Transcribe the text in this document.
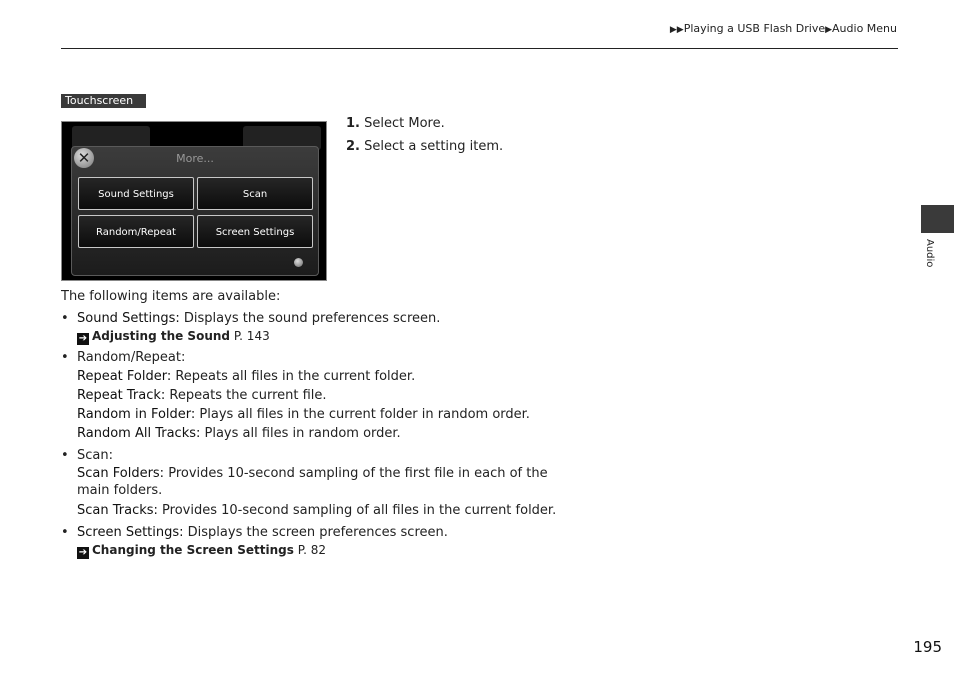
▶▶Playing a USB Flash Drive▶Audio Menu
Touchscreen
✕	More...
Sound Settings	Scan
Random/Repeat	Screen Settings
1. Select More.
2. Select a setting item.

The following items are available:

• Sound Settings: Displays the sound preferences screen.
➔ Adjusting the Sound P. 143
• Random/Repeat:
Repeat Folder: Repeats all files in the current folder.
Repeat Track: Repeats the current file.
Random in Folder: Plays all files in the current folder in random order.
Random All Tracks: Plays all files in random order.
• Scan:
Scan Folders: Provides 10-second sampling of the first file in each of the main folders.
Scan Tracks: Provides 10-second sampling of all files in the current folder.
• Screen Settings: Displays the screen preferences screen.
➔ Changing the Screen Settings P. 82
Audio
195
